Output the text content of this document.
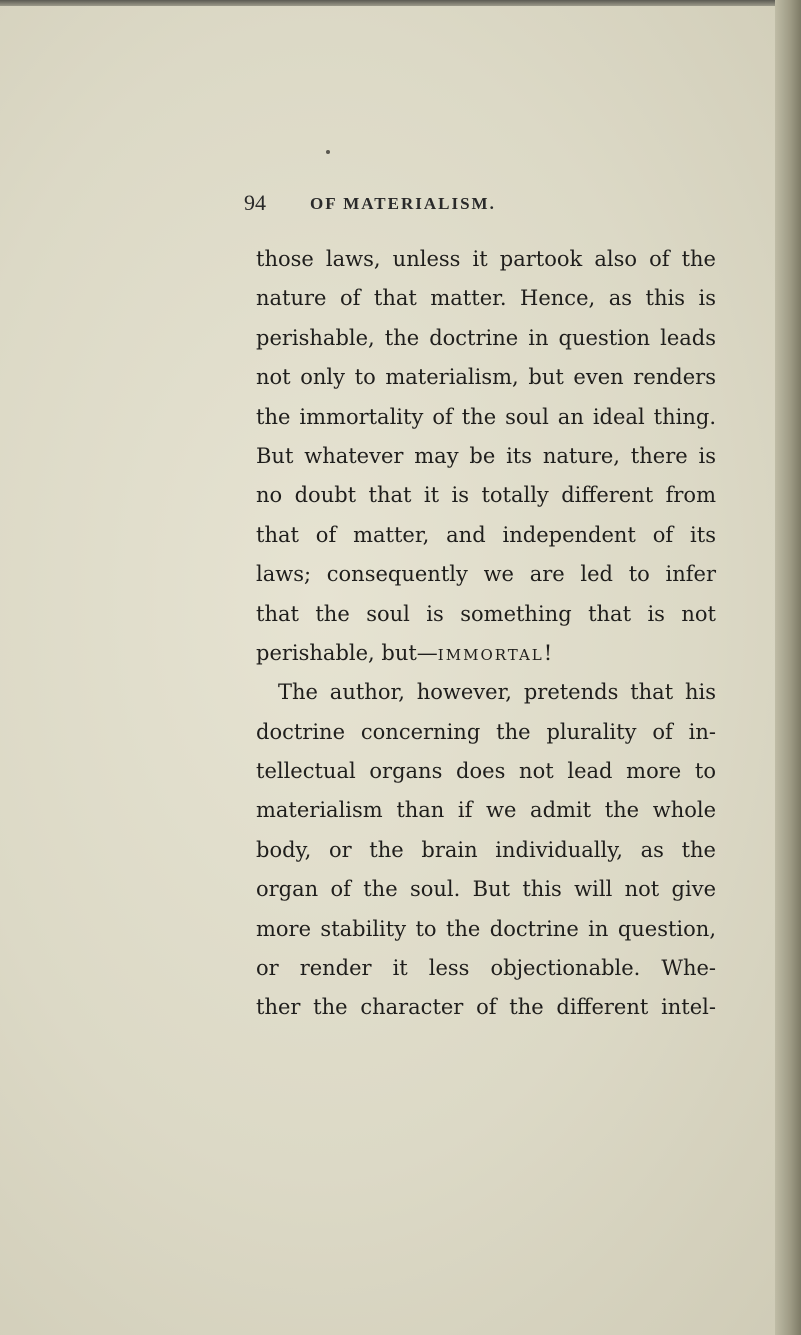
94	OF MATERIALISM.
those laws, unless it partook also of the
nature of that matter. Hence, as this is
perishable, the doctrine in question leads
not only to materialism, but even renders
the immortality of the soul an ideal thing.
But whatever may be its nature, there is
no doubt that it is totally different from
that of matter, and independent of its
laws; consequently we are led to infer
that the soul is something that is not
perishable, but—immortal!
The author, however, pretends that his
doctrine concerning the plurality of in-
tellectual organs does not lead more to
materialism than if we admit the whole
body, or the brain individually, as the
organ of the soul. But this will not give
more stability to the doctrine in question,
or render it less objectionable. Whe-
ther the character of the different intel-
